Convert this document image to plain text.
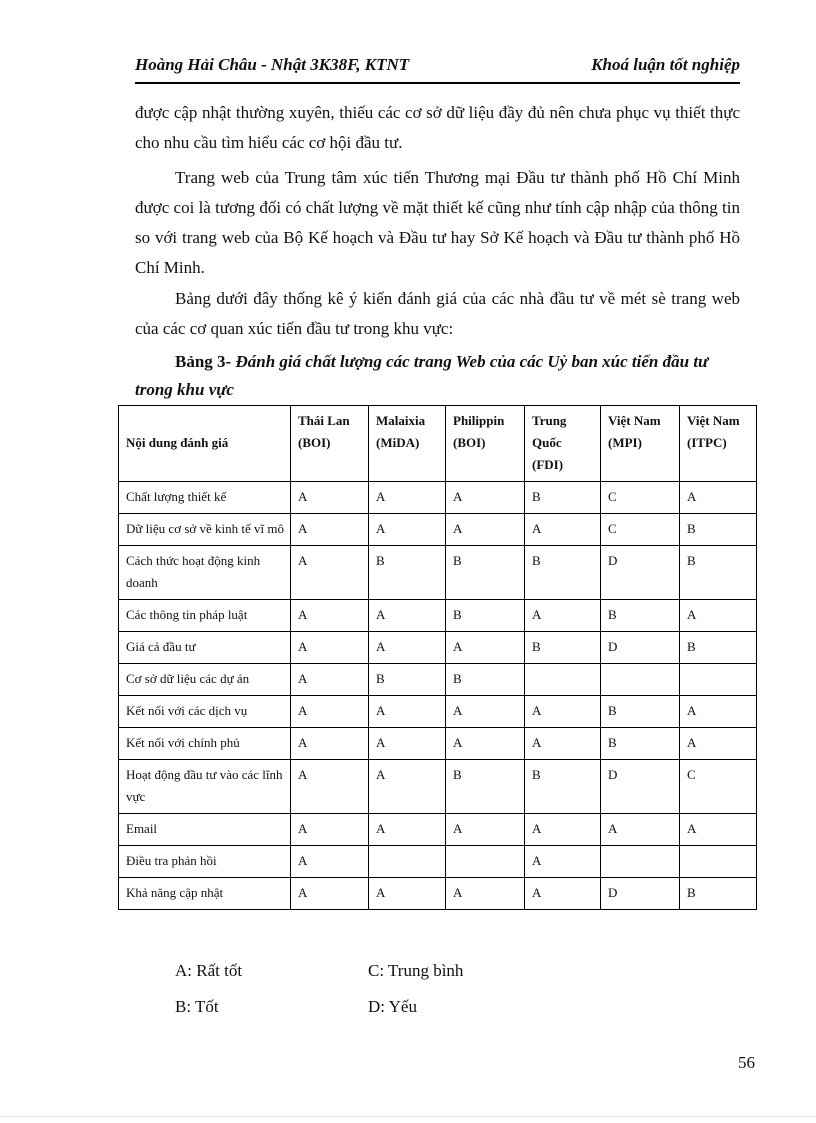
Hoàng Hải Châu - Nhật 3K38F, KTNT	Khoá luận tốt nghiệp

được cập nhật thường xuyên, thiếu các cơ sở dữ liệu đầy đủ nên chưa phục vụ thiết thực cho nhu cầu tìm hiểu các cơ hội đầu tư.

Trang web của Trung tâm xúc tiến Thương mại Đầu tư thành phố Hồ Chí Minh được coi là tương đối có chất lượng về mặt thiết kế cũng như tính cập nhập của thông tin so với trang web của Bộ Kế hoạch và Đầu tư hay Sở Kế hoạch và Đầu tư thành phố Hồ Chí Minh.

Bảng dưới đây thống kê ý kiến đánh giá của các nhà đầu tư về mét sè trang web của các cơ quan xúc tiến đầu tư trong khu vực:

Bảng 3- Đánh giá chất lượng các trang Web của các Uỷ ban xúc tiến đầu tư trong khu vực

Nội dung đánh giá	Thái Lan (BOI)	Malaixia (MiDA)	Philippin (BOI)	Trung Quốc (FDI)	Việt Nam (MPI)	Việt Nam (ITPC)
Chất lượng thiết kế	A	A	A	B	C	A
Dữ liệu cơ sở về kinh tế vĩ mô	A	A	A	A	C	B
Cách thức hoạt động kinh doanh	A	B	B	B	D	B
Các thông tin pháp luật	A	A	B	A	B	A
Giá cả đầu tư	A	A	A	B	D	B
Cơ sở dữ liệu các dự án	A	B	B			
Kết nối với các dịch vụ	A	A	A	A	B	A
Kết nối với chính phủ	A	A	A	A	B	A
Hoạt động đầu tư vào các lĩnh vực	A	A	B	B	D	C
Email	A	A	A	A	A	A
Điều tra phản hồi	A			A		
Khả năng cập nhật	A	A	A	A	D	B
A: Rất tốt	C: Trung bình
B: Tốt	D: Yếu
56
